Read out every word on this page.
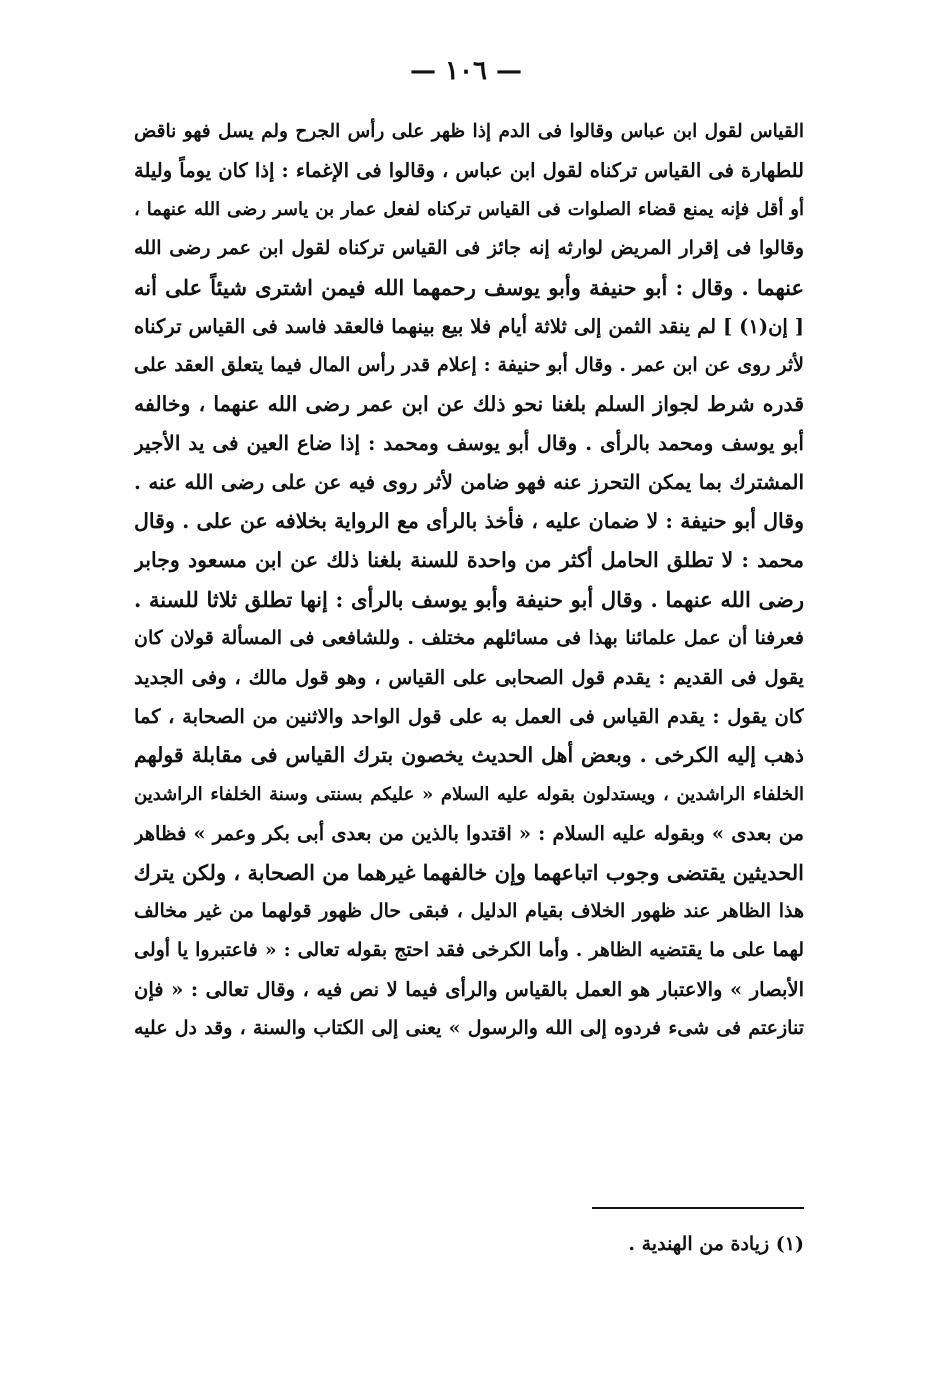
— ١٠٦ —
القياس لقول ابن عباس وقالوا فى الدم إذا ظهر على رأس الجرح ولم يسل فهو ناقض
للطهارة فى القياس تركناه لقول ابن عباس ، وقالوا فى الإغماء : إذا كان يوماً وليلة
أو أقل فإنه يمنع قضاء الصلوات فى القياس تركناه لفعل عمار بن ياسر رضى الله عنهما ،
وقالوا فى إقرار المريض لوارثه إنه جائز فى القياس تركناه لقول ابن عمر رضى الله
عنهما . وقال : أبو حنيفة وأبو يوسف رحمهما الله فيمن اشترى شيئاً على أنه
[ إن(١) ] لم ينقد الثمن إلى ثلاثة أيام فلا بيع بينهما فالعقد فاسد فى القياس تركناه
لأثر روى عن ابن عمر . وقال أبو حنيفة : إعلام قدر رأس المال فيما يتعلق العقد على
قدره شرط لجواز السلم بلغنا نحو ذلك عن ابن عمر رضى الله عنهما ، وخالفه
أبو يوسف ومحمد بالرأى . وقال أبو يوسف ومحمد : إذا ضاع العين فى يد الأجير
المشترك بما يمكن التحرز عنه فهو ضامن لأثر روى فيه عن على رضى الله عنه .
وقال أبو حنيفة : لا ضمان عليه ، فأخذ بالرأى مع الرواية بخلافه عن على . وقال
محمد : لا تطلق الحامل أكثر من واحدة للسنة بلغنا ذلك عن ابن مسعود وجابر
رضى الله عنهما . وقال أبو حنيفة وأبو يوسف بالرأى : إنها تطلق ثلاثا للسنة .
فعرفنا أن عمل علمائنا بهذا فى مسائلهم مختلف . وللشافعى فى المسألة قولان كان
يقول فى القديم : يقدم قول الصحابى على القياس ، وهو قول مالك ، وفى الجديد
كان يقول : يقدم القياس فى العمل به على قول الواحد والاثنين من الصحابة ، كما
ذهب إليه الكرخى . وبعض أهل الحديث يخصون بترك القياس فى مقابلة قولهم
الخلفاء الراشدين ، ويستدلون بقوله عليه السلام « عليكم بسنتى وسنة الخلفاء الراشدين
من بعدى » وبقوله عليه السلام : « اقتدوا بالذين من بعدى أبى بكر وعمر » فظاهر
الحديثين يقتضى وجوب اتباعهما وإن خالفهما غيرهما من الصحابة ، ولكن يترك
هذا الظاهر عند ظهور الخلاف بقيام الدليل ، فبقى حال ظهور قولهما من غير مخالف
لهما على ما يقتضيه الظاهر . وأما الكرخى فقد احتج بقوله تعالى : « فاعتبروا يا أولى
الأبصار » والاعتبار هو العمل بالقياس والرأى فيما لا نص فيه ، وقال تعالى : « فإن
تنازعتم فى شىء فردوه إلى الله والرسول » يعنى إلى الكتاب والسنة ، وقد دل عليه
(١) زيادة من الهندية .
